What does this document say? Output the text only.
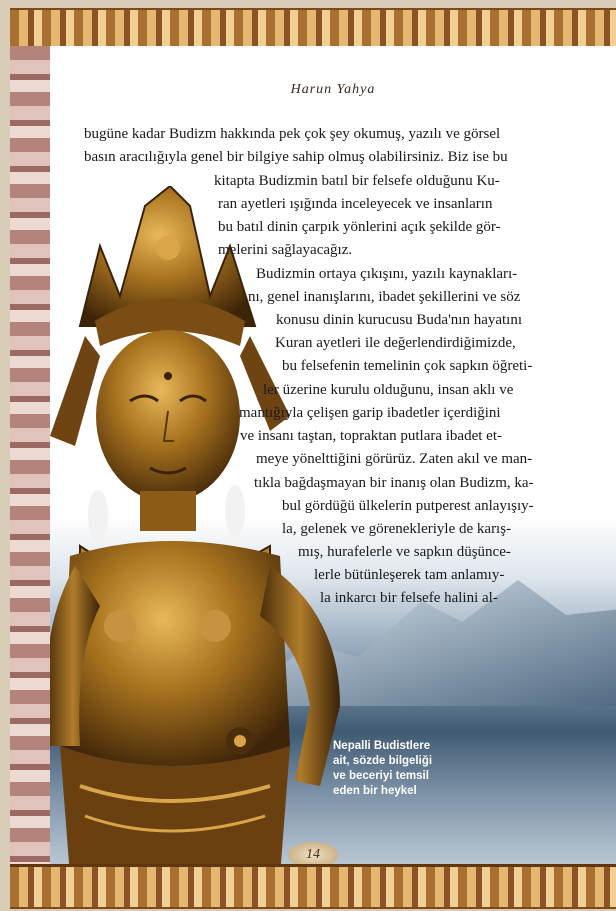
Harun Yahya
bugüne kadar Budizm hakkında pek çok şey okumuş, yazılı ve görsel
basın aracılığıyla genel bir bilgiye sahip olmuş olabilirsiniz. Biz ise bu
kitapta Budizmin batıl bir felsefe olduğunu Ku-
ran ayetleri ışığında inceleyecek ve insanların
bu batıl dinin çarpık yönlerini açık şekilde gör-
melerini sağlayacağız.
Budizmin ortaya çıkışını, yazılı kaynakları-
nı, genel inanışlarını, ibadet şekillerini ve söz
konusu dinin kurucusu Buda'nın hayatını
Kuran ayetleri ile değerlendirdiğimizde,
bu felsefenin temelinin çok sapkın öğreti-
ler üzerine kurulu olduğunu, insan aklı ve
mantığıyla çelişen garip ibadetler içerdiğini
ve insanı taştan, topraktan putlara ibadet et-
meye yönelttiğini görürüz. Zaten akıl ve man-
tıkla bağdaşmayan bir inanış olan Budizm, ka-
bul gördüğü ülkelerin putperest anlayışıy-
la, gelenek ve görenekleriyle de karış-
mış, hurafelerle ve sapkın düşünce-
lerle bütünleşerek tam anlamıy-
la inkarcı bir felsefe halini al-
Nepalli Budistlere
ait, sözde bilgeliği
ve beceriyi temsil
eden bir heykel
14
